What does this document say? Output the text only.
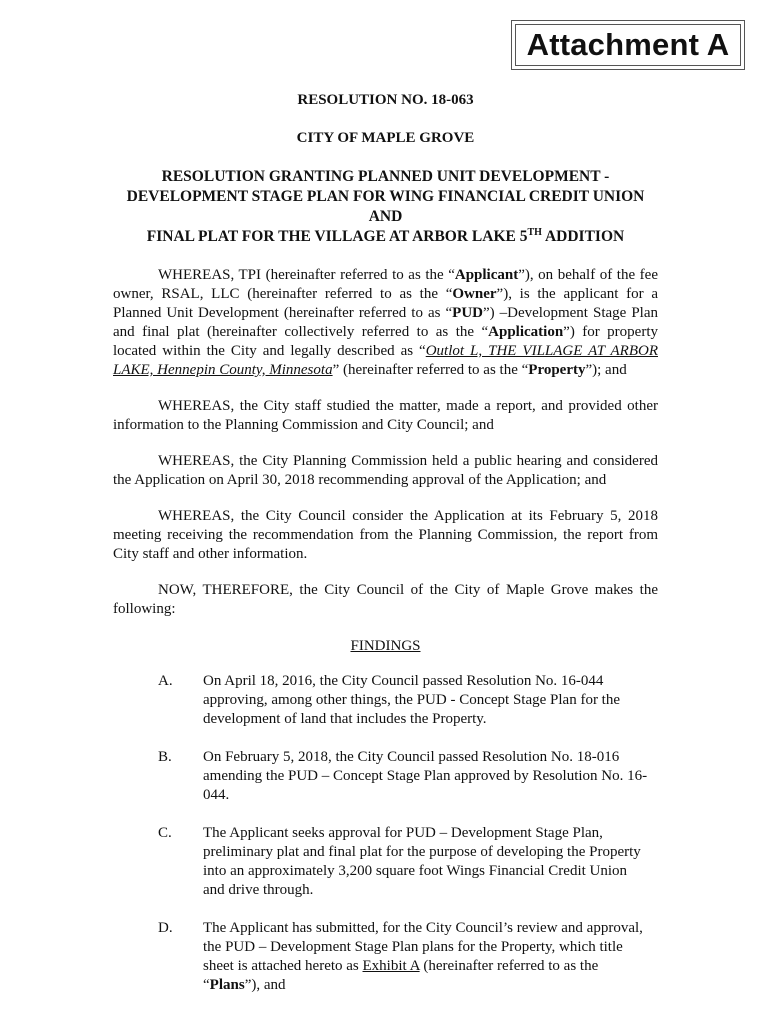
Attachment A
RESOLUTION NO. 18-063
CITY OF MAPLE GROVE
RESOLUTION GRANTING PLANNED UNIT DEVELOPMENT -
DEVELOPMENT STAGE PLAN FOR WING FINANCIAL CREDIT UNION AND
FINAL PLAT FOR THE VILLAGE AT ARBOR LAKE 5TH ADDITION

WHEREAS, TPI (hereinafter referred to as the “Applicant”), on behalf of the fee owner, RSAL, LLC (hereinafter referred to as the “Owner”), is the applicant for a Planned Unit Development (hereinafter referred to as “PUD”) –Development Stage Plan and final plat (hereinafter collectively referred to as the “Application”) for property located within the City and legally described as “Outlot L, THE VILLAGE AT ARBOR LAKE, Hennepin County, Minnesota” (hereinafter referred to as the “Property”); and

WHEREAS, the City staff studied the matter, made a report, and provided other information to the Planning Commission and City Council; and

WHEREAS, the City Planning Commission held a public hearing and considered the Application on April 30, 2018 recommending approval of the Application; and

WHEREAS, the City Council consider the Application at its February 5, 2018 meeting receiving the recommendation from the Planning Commission, the report from City staff and other information.

NOW, THEREFORE, the City Council of the City of Maple Grove makes the following:

FINDINGS
A.	On April 18, 2016, the City Council passed Resolution No. 16-044 approving, among other things, the PUD - Concept Stage Plan for the development of land that includes the Property.
B.	On February 5, 2018, the City Council passed Resolution No. 18-016 amending the PUD – Concept Stage Plan approved by Resolution No. 16-044.
C.	The Applicant seeks approval for PUD – Development Stage Plan, preliminary plat and final plat for the purpose of developing the Property into an approximately 3,200 square foot Wings Financial Credit Union and drive through.
D.	The Applicant has submitted, for the City Council’s review and approval, the PUD – Development Stage Plan plans for the Property, which title sheet is attached hereto as Exhibit A (hereinafter referred to as the “Plans”), and
